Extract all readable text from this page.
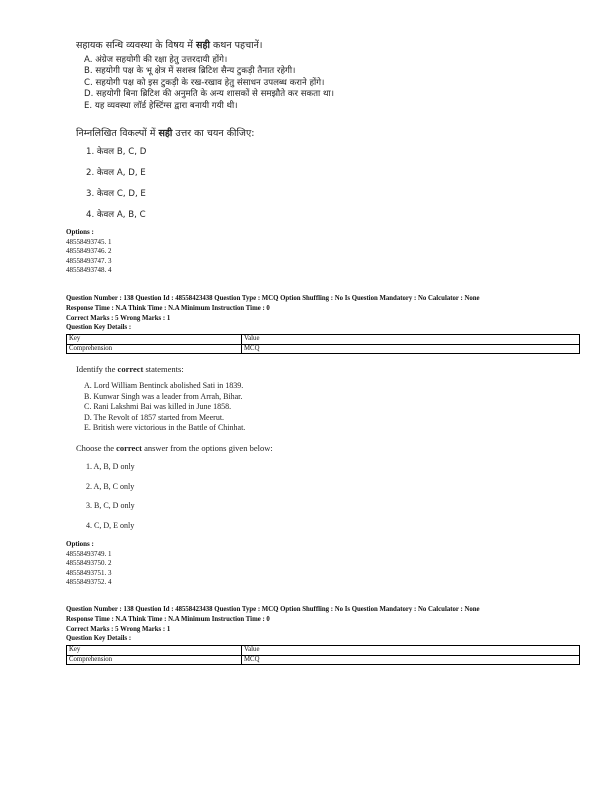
सहायक सन्धि व्यवस्था के विषय में सही कथन पहचानें।
A. अंग्रेज सहयोगी की रक्षा हेतु उत्तरदायी होंगे।
B. सहयोगी पक्ष के भू क्षेत्र में सशस्त्र ब्रिटिश सैन्य टुकड़ी तैनात रहेगी।
C. सहयोगी पक्ष को इस टुकड़ी के रख-रखाव हेतु संसाधन उपलब्ध कराने होंगे।
D. सहयोगी बिना ब्रिटिश की अनुमति के अन्य शासकों से समझौते कर सकता था।
E. यह व्यवस्था लॉर्ड हेस्टिंग्स द्वारा बनायी गयी थी।
निम्नलिखित विकल्पों में सही उत्तर का चयन कीजिए:
1. केवल B, C, D
2. केवल A, D, E
3. केवल C, D, E
4. केवल A, B, C
Options :
48558493745. 1
48558493746. 2
48558493747. 3
48558493748. 4
Question Number : 138 Question Id : 48558423438 Question Type : MCQ Option Shuffling : No Is Question Mandatory : No Calculator : None
Response Time : N.A Think Time : N.A Minimum Instruction Time : 0
Correct Marks : 5 Wrong Marks : 1
Question Key Details :
Key	Value
Comprehension	MCQ
Identify the correct statements:
A. Lord William Bentinck abolished Sati in 1839.
B. Kunwar Singh was a leader from Arrah, Bihar.
C. Rani Lakshmi Bai was killed in June 1858.
D. The Revolt of 1857 started from Meerut.
E. British were victorious in the Battle of Chinhat.
Choose the correct answer from the options given below:
1. A, B, D only
2. A, B, C only
3. B, C, D only
4. C, D, E only
Options :
48558493749. 1
48558493750. 2
48558493751. 3
48558493752. 4
Question Number : 138 Question Id : 48558423438 Question Type : MCQ Option Shuffling : No Is Question Mandatory : No Calculator : None
Response Time : N.A Think Time : N.A Minimum Instruction Time : 0
Correct Marks : 5 Wrong Marks : 1
Question Key Details :
Key	Value
Comprehension	MCQ
